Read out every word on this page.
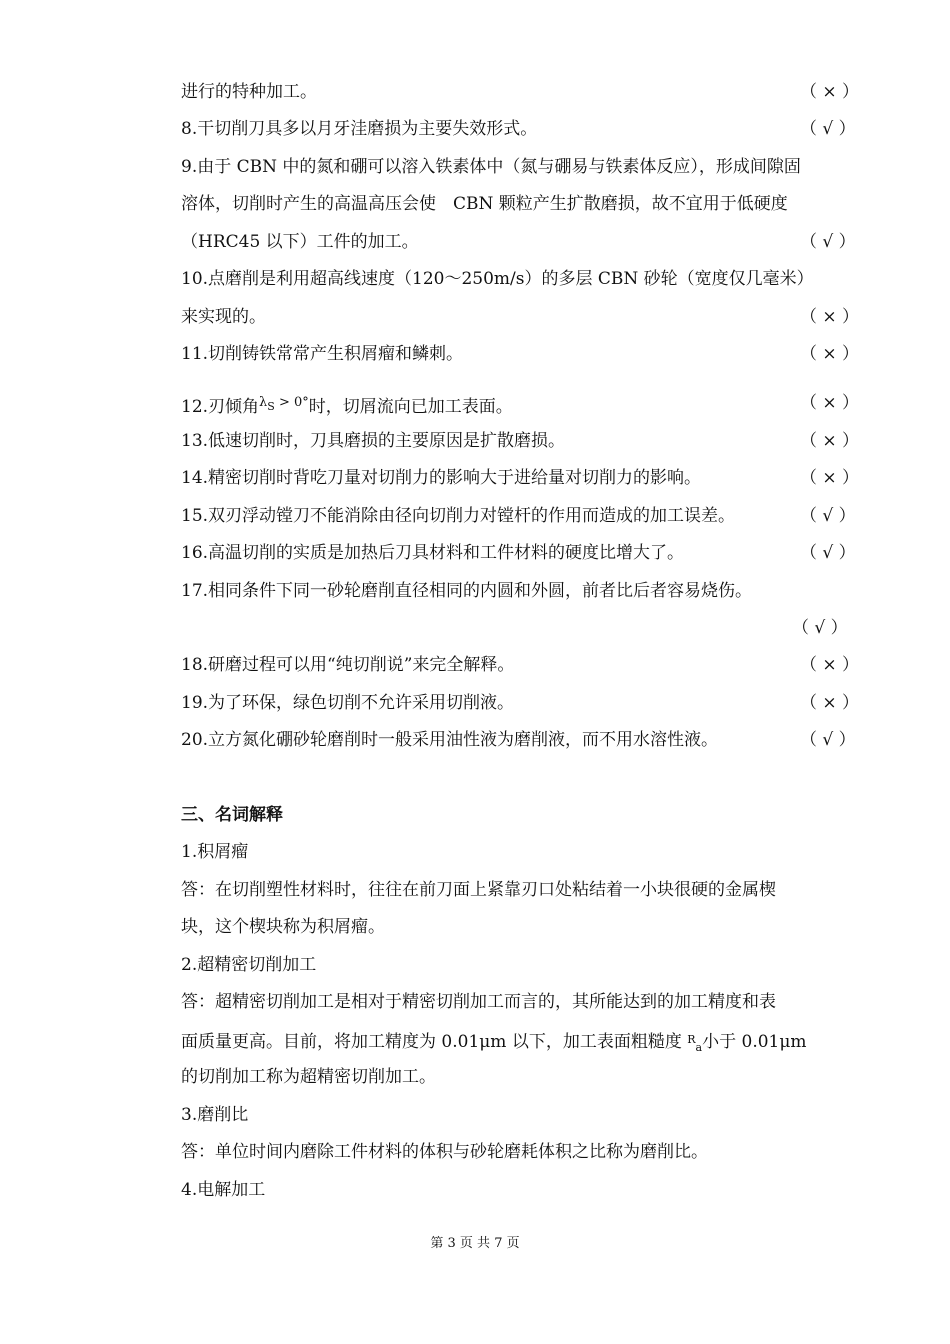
进行的特种加工。	（ × ）
8.干切削刀具多以月牙洼磨损为主要失效形式。	（ √ ）
9.由于 CBN 中的氮和硼可以溶入铁素体中（氮与硼易与铁素体反应），形成间隙固
溶体，切削时产生的高温高压会使　CBN 颗粒产生扩散磨损，故不宜用于低硬度
（HRC45 以下）工件的加工。	（ √ ）
10.点磨削是利用超高线速度（120～250m/s）的多层 CBN 砂轮（宽度仅几毫米）
来实现的。	（ × ）
11.切削铸铁常常产生积屑瘤和鳞刺。	（ × ）
12.刃倾角$^{\lambda_S > 0^\circ}$时，切屑流向已加工表面。	（ × ）
13.低速切削时，刀具磨损的主要原因是扩散磨损。	（ × ）
14.精密切削时背吃刀量对切削力的影响大于进给量对切削力的影响。	（ × ）
15.双刃浮动镗刀不能消除由径向切削力对镗杆的作用而造成的加工误差。	（ √ ）
16.高温切削的实质是加热后刀具材料和工件材料的硬度比增大了。	（ √ ）
17.相同条件下同一砂轮磨削直径相同的内圆和外圆，前者比后者容易烧伤。
（ √ ）
18.研磨过程可以用“纯切削说”来完全解释。	（ × ）
19.为了环保，绿色切削不允许采用切削液。	（ × ）
20.立方氮化硼砂轮磨削时一般采用油性液为磨削液，而不用水溶性液。	（ √ ）
三、名词解释
1.积屑瘤
答：在切削塑性材料时，往往在前刀面上紧靠刃口处粘结着一小块很硬的金属楔
块，这个楔块称为积屑瘤。
2.超精密切削加工
答：超精密切削加工是相对于精密切削加工而言的，其所能达到的加工精度和表
面质量更高。目前，将加工精度为 0.01μm 以下，加工表面粗糙度 $^R_a$小于 0.01μm
的切削加工称为超精密切削加工。
3.磨削比
答：单位时间内磨除工件材料的体积与砂轮磨耗体积之比称为磨削比。
4.电解加工
第 3 页 共 7 页
